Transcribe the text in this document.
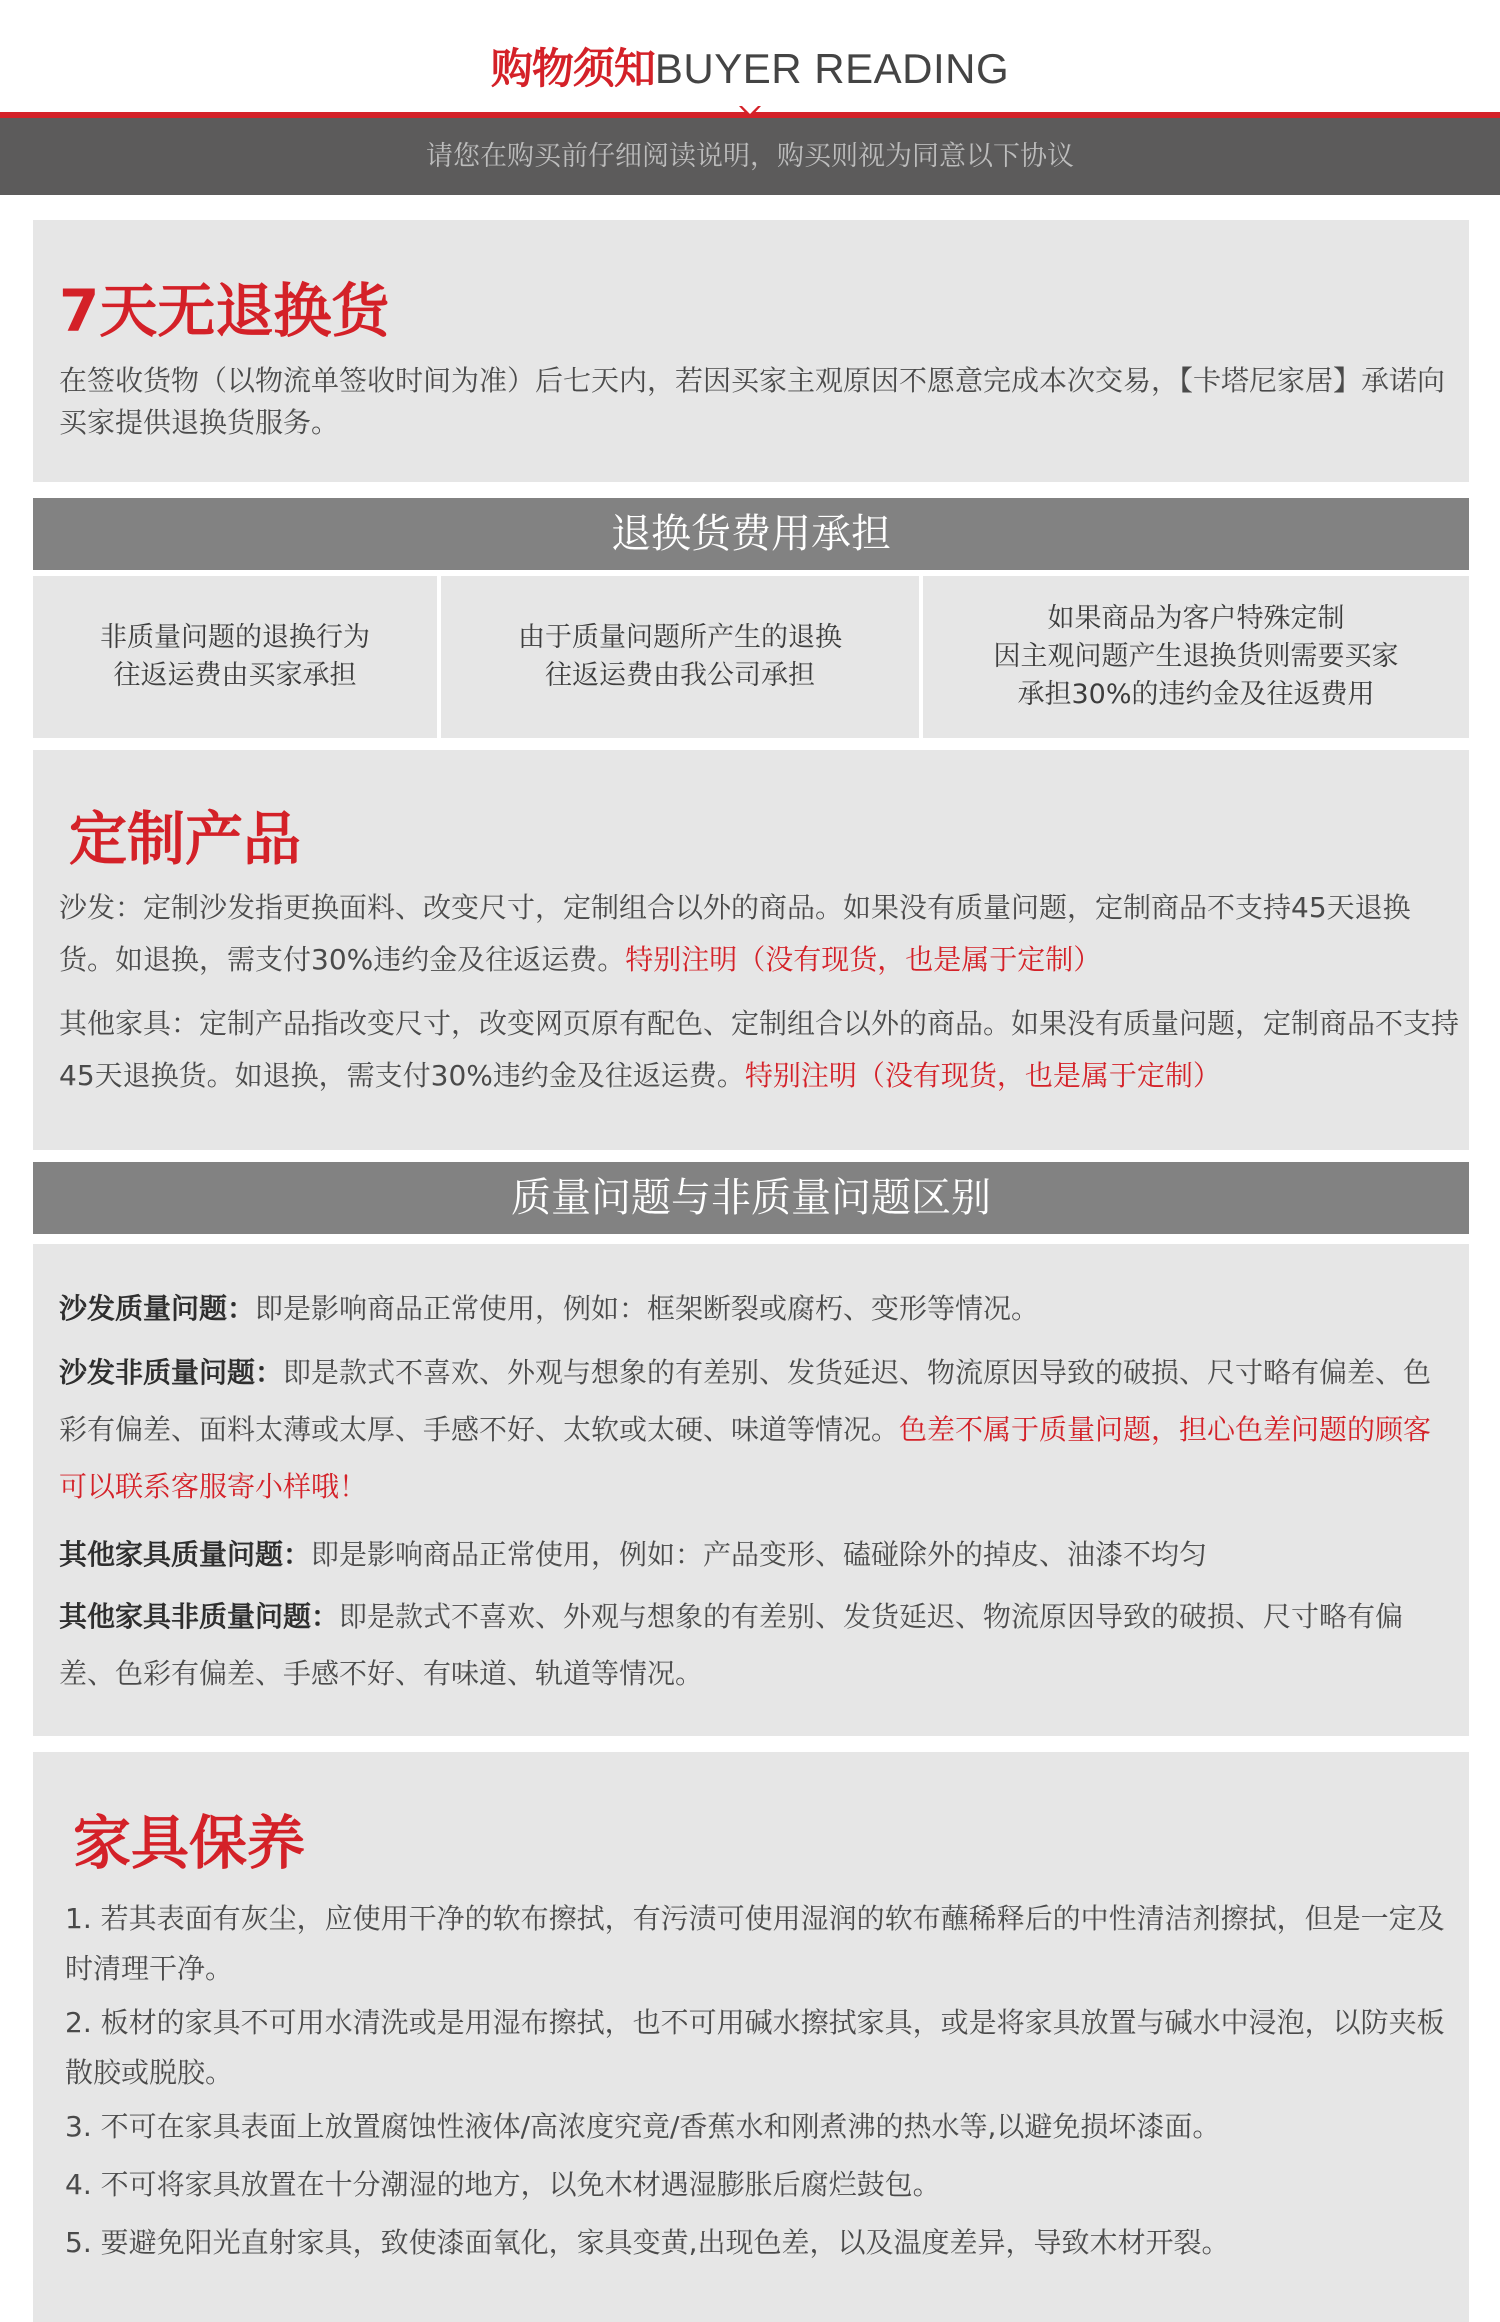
购物须知BUYER READING
请您在购买前仔细阅读说明，购买则视为同意以下协议
7天无退换货
在签收货物（以物流单签收时间为准）后七天内，若因买家主观原因不愿意完成本次交易，【卡塔尼家居】承诺向买家提供退换货服务。
退换货费用承担
非质量问题的退换行为
往返运费由买家承担
由于质量问题所产生的退换
往返运费由我公司承担
如果商品为客户特殊定制
因主观问题产生退换货则需要买家
承担30%的违约金及往返费用
定制产品
沙发：定制沙发指更换面料、改变尺寸，定制组合以外的商品。如果没有质量问题，定制商品不支持45天退换货。如退换，需支付30%违约金及往返运费。特别注明（没有现货，也是属于定制）
其他家具：定制产品指改变尺寸，改变网页原有配色、定制组合以外的商品。如果没有质量问题，定制商品不支持45天退换货。如退换，需支付30%违约金及往返运费。特别注明（没有现货，也是属于定制）
质量问题与非质量问题区别
沙发质量问题：即是影响商品正常使用，例如：框架断裂或腐朽、变形等情况。
沙发非质量问题：即是款式不喜欢、外观与想象的有差别、发货延迟、物流原因导致的破损、尺寸略有偏差、色彩有偏差、面料太薄或太厚、手感不好、太软或太硬、味道等情况。色差不属于质量问题，担心色差问题的顾客可以联系客服寄小样哦！
其他家具质量问题：即是影响商品正常使用，例如：产品变形、磕碰除外的掉皮、油漆不均匀
其他家具非质量问题：即是款式不喜欢、外观与想象的有差别、发货延迟、物流原因导致的破损、尺寸略有偏差、色彩有偏差、手感不好、有味道、轨道等情况。
家具保养
1. 若其表面有灰尘，应使用干净的软布擦拭，有污渍可使用湿润的软布蘸稀释后的中性清洁剂擦拭，但是一定及时清理干净。
2. 板材的家具不可用水清洗或是用湿布擦拭，也不可用碱水擦拭家具，或是将家具放置与碱水中浸泡，以防夹板散胶或脱胶。
3. 不可在家具表面上放置腐蚀性液体/高浓度究竟/香蕉水和刚煮沸的热水等,以避免损坏漆面。
4. 不可将家具放置在十分潮湿的地方，以免木材遇湿膨胀后腐烂鼓包。
5. 要避免阳光直射家具，致使漆面氧化，家具变黄,出现色差，以及温度差异，导致木材开裂。
